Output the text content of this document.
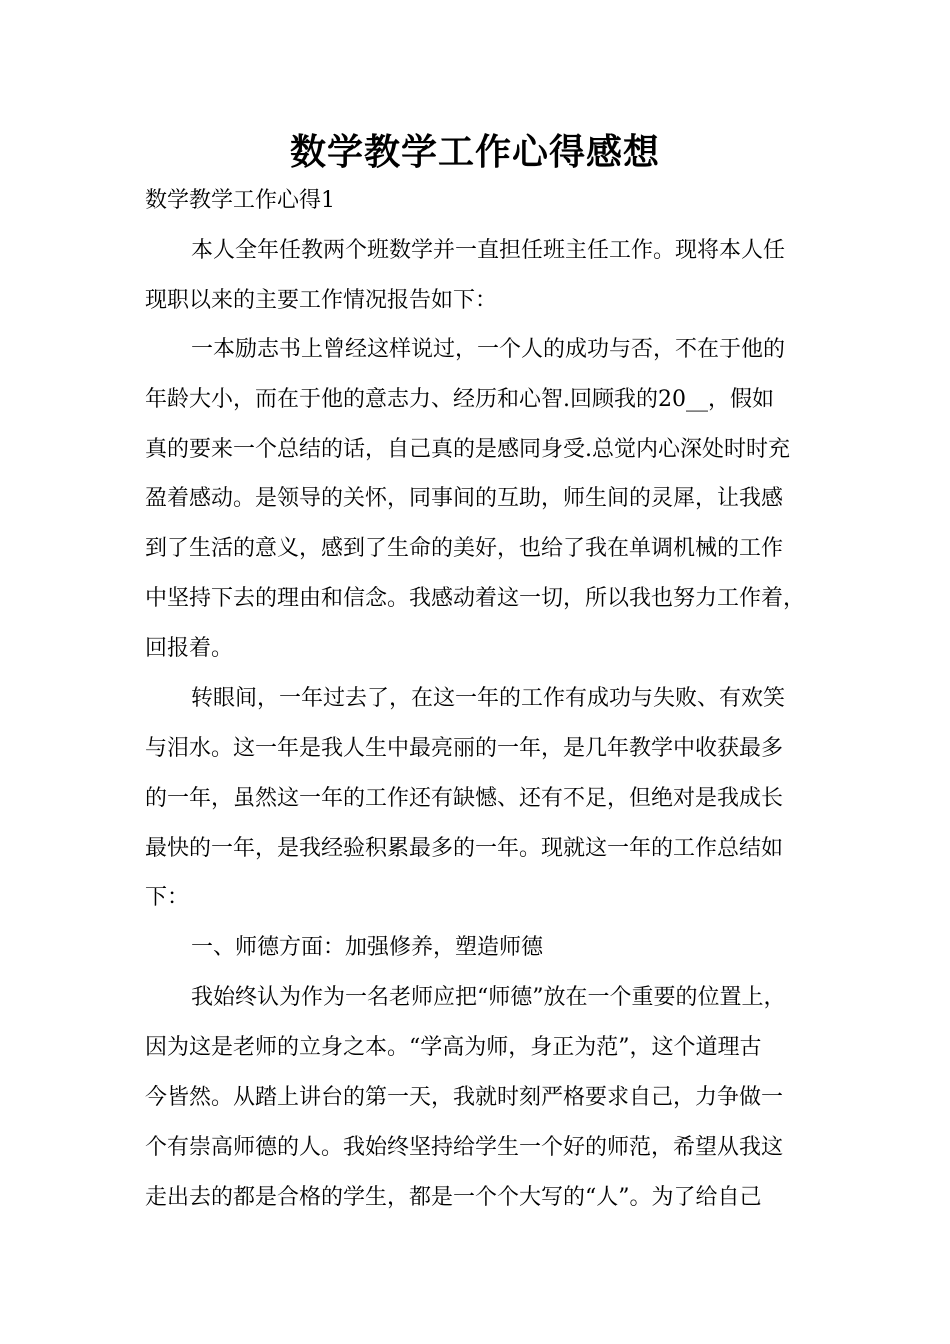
数学教学工作心得感想
数学教学工作心得1
本人全年任教两个班数学并一直担任班主任工作。现将本人任
现职以来的主要工作情况报告如下：
一本励志书上曾经这样说过，一个人的成功与否，不在于他的
年龄大小，而在于他的意志力、经历和心智.回顾我的20__，假如
真的要来一个总结的话，自己真的是感同身受.总觉内心深处时时充
盈着感动。是领导的关怀，同事间的互助，师生间的灵犀，让我感
到了生活的意义，感到了生命的美好，也给了我在单调机械的工作
中坚持下去的理由和信念。我感动着这一切，所以我也努力工作着，
回报着。
转眼间，一年过去了，在这一年的工作有成功与失败、有欢笑
与泪水。这一年是我人生中最亮丽的一年，是几年教学中收获最多
的一年，虽然这一年的工作还有缺憾、还有不足，但绝对是我成长
最快的一年，是我经验积累最多的一年。现就这一年的工作总结如
下：
一、师德方面：加强修养，塑造师德
我始终认为作为一名老师应把“师德”放在一个重要的位置上，
因为这是老师的立身之本。“学高为师，身正为范”，这个道理古
今皆然。从踏上讲台的第一天，我就时刻严格要求自己，力争做一
个有崇高师德的人。我始终坚持给学生一个好的师范，希望从我这
走出去的都是合格的学生，都是一个个大写的“人”。为了给自己
